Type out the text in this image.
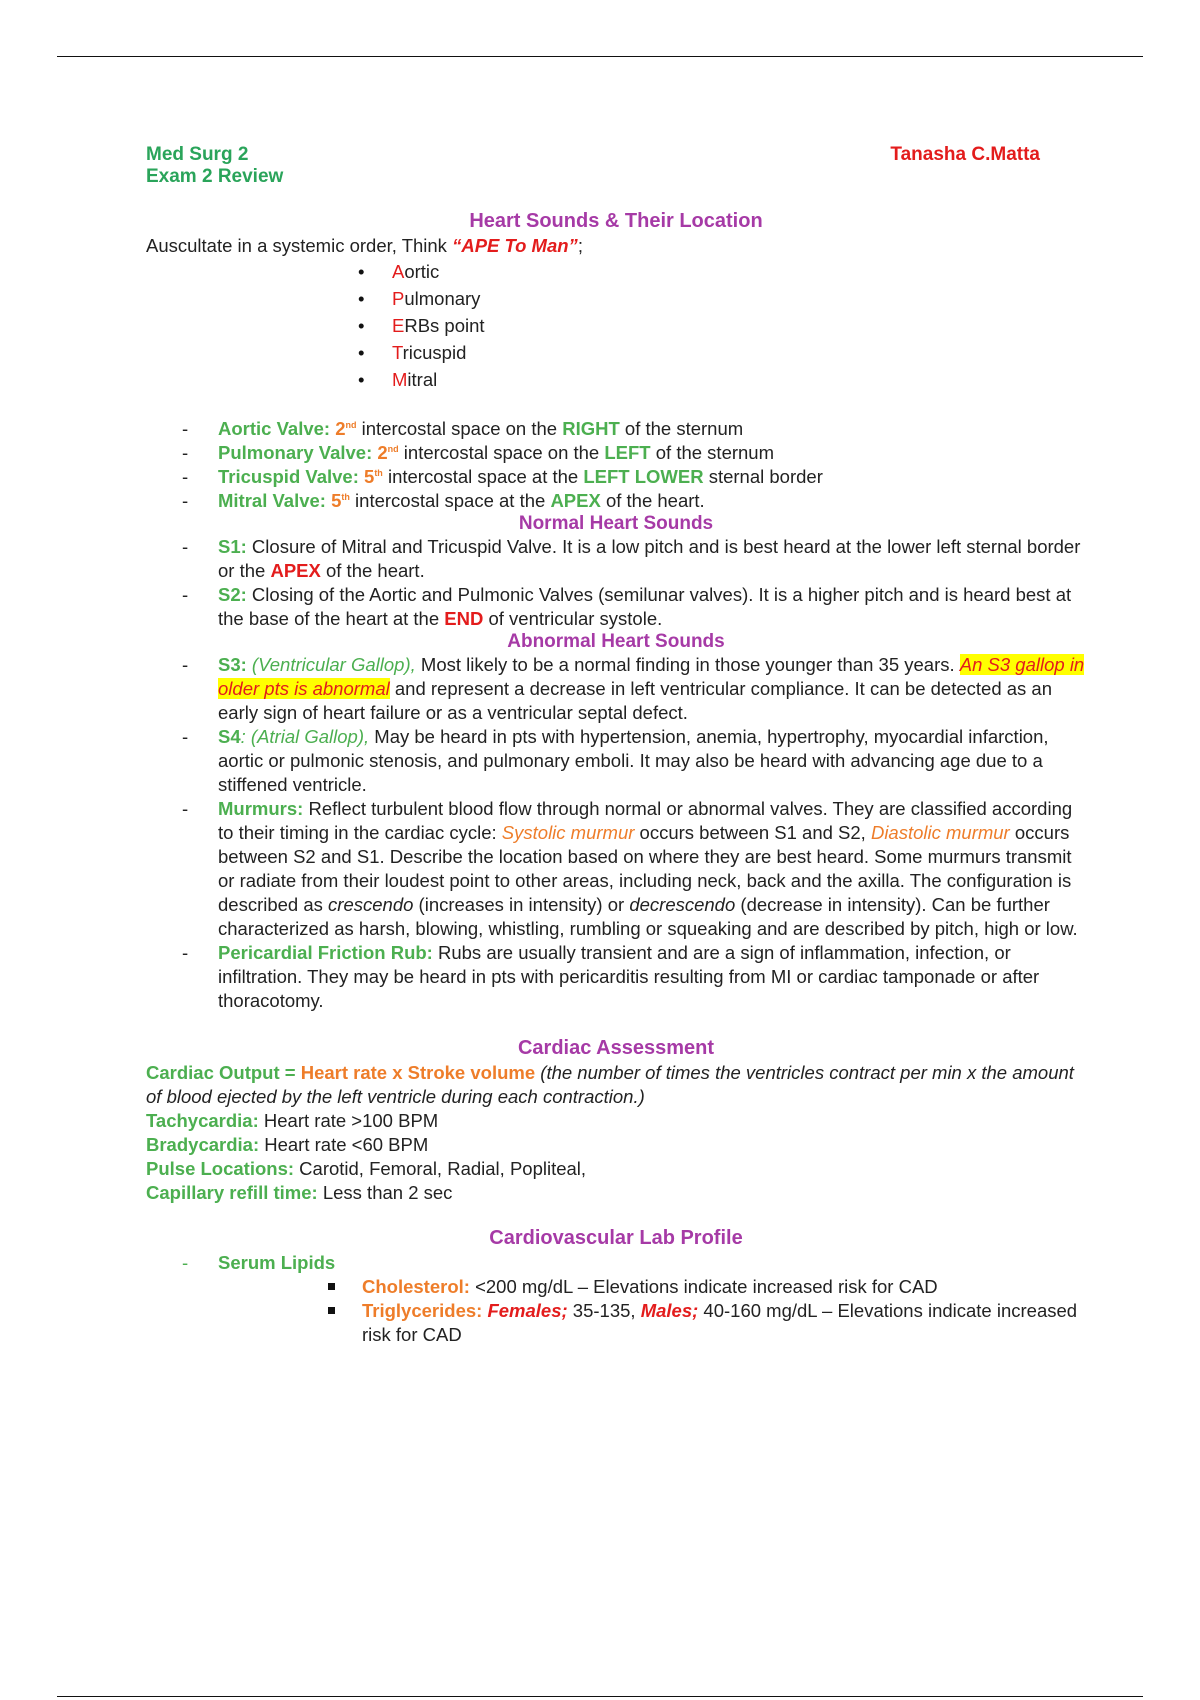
Med Surg 2
Exam 2 Review
Tanasha C.Matta
Heart Sounds & Their Location
Auscultate in a systemic order, Think “APE To Man”;
• Aortic
• Pulmonary
• ERBs point
• Tricuspid
• Mitral
- Aortic Valve: 2nd intercostal space on the RIGHT of the sternum
- Pulmonary Valve: 2nd intercostal space on the LEFT of the sternum
- Tricuspid Valve: 5th intercostal space at the LEFT LOWER sternal border
- Mitral Valve: 5th intercostal space at the APEX of the heart.
Normal Heart Sounds
- S1: Closure of Mitral and Tricuspid Valve. It is a low pitch and is best heard at the lower left sternal border or the APEX of the heart.
- S2: Closing of the Aortic and Pulmonic Valves (semilunar valves). It is a higher pitch and is heard best at the base of the heart at the END of ventricular systole.
Abnormal Heart Sounds
- S3: (Ventricular Gallop), Most likely to be a normal finding in those younger than 35 years. An S3 gallop in older pts is abnormal and represent a decrease in left ventricular compliance. It can be detected as an early sign of heart failure or as a ventricular septal defect.
- S4: (Atrial Gallop), May be heard in pts with hypertension, anemia, hypertrophy, myocardial infarction, aortic or pulmonic stenosis, and pulmonary emboli. It may also be heard with advancing age due to a stiffened ventricle.
- Murmurs: Reflect turbulent blood flow through normal or abnormal valves. They are classified according to their timing in the cardiac cycle: Systolic murmur occurs between S1 and S2, Diastolic murmur occurs between S2 and S1. Describe the location based on where they are best heard. Some murmurs transmit or radiate from their loudest point to other areas, including neck, back and the axilla. The configuration is described as crescendo (increases in intensity) or decrescendo (decrease in intensity). Can be further characterized as harsh, blowing, whistling, rumbling or squeaking and are described by pitch, high or low.
- Pericardial Friction Rub: Rubs are usually transient and are a sign of inflammation, infection, or infiltration. They may be heard in pts with pericarditis resulting from MI or cardiac tamponade or after thoracotomy.
Cardiac Assessment
Cardiac Output = Heart rate x Stroke volume (the number of times the ventricles contract per min x the amount of blood ejected by the left ventricle during each contraction.)
Tachycardia: Heart rate >100 BPM
Bradycardia: Heart rate <60 BPM
Pulse Locations: Carotid, Femoral, Radial, Popliteal,
Capillary refill time: Less than 2 sec
Cardiovascular Lab Profile
- Serum Lipids
Cholesterol: <200 mg/dL – Elevations indicate increased risk for CAD
Triglycerides: Females; 35-135, Males; 40-160 mg/dL – Elevations indicate increased risk for CAD
